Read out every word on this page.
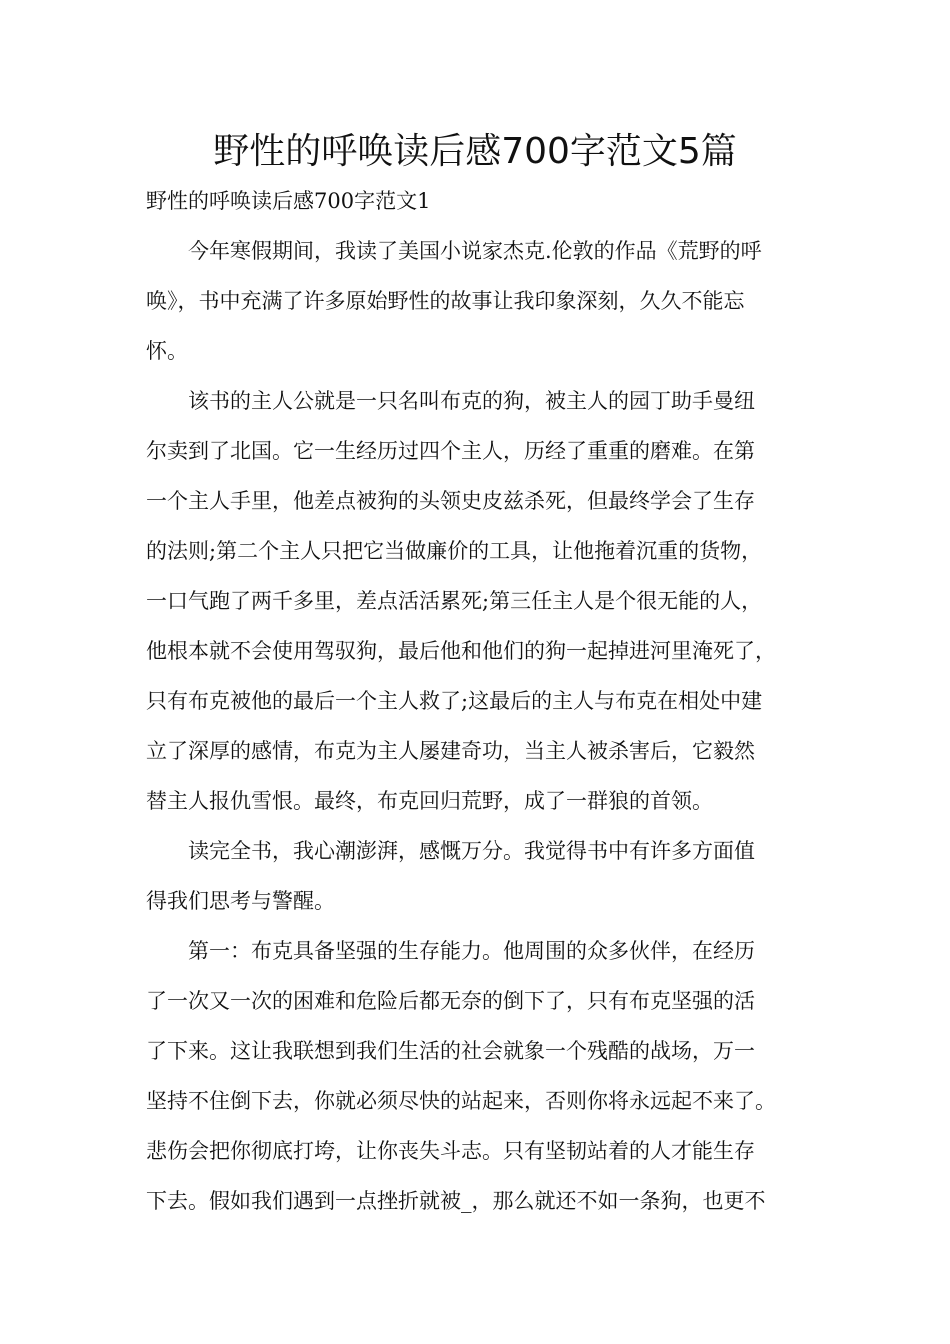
野性的呼唤读后感700字范文5篇

野性的呼唤读后感700字范文1

　　今年寒假期间，我读了美国小说家杰克.伦敦的作品《荒野的呼

唤》，书中充满了许多原始野性的故事让我印象深刻，久久不能忘

怀。

　　该书的主人公就是一只名叫布克的狗，被主人的园丁助手曼纽

尔卖到了北国。它一生经历过四个主人，历经了重重的磨难。在第

一个主人手里，他差点被狗的头领史皮兹杀死，但最终学会了生存

的法则;第二个主人只把它当做廉价的工具，让他拖着沉重的货物，

一口气跑了两千多里，差点活活累死;第三任主人是个很无能的人，

他根本就不会使用驾驭狗，最后他和他们的狗一起掉进河里淹死了，

只有布克被他的最后一个主人救了;这最后的主人与布克在相处中建

立了深厚的感情，布克为主人屡建奇功，当主人被杀害后，它毅然

替主人报仇雪恨。最终，布克回归荒野，成了一群狼的首领。

　　读完全书，我心潮澎湃，感慨万分。我觉得书中有许多方面值

得我们思考与警醒。

　　第一：布克具备坚强的生存能力。他周围的众多伙伴，在经历

了一次又一次的困难和危险后都无奈的倒下了，只有布克坚强的活

了下来。这让我联想到我们生活的社会就象一个残酷的战场，万一

坚持不住倒下去，你就必须尽快的站起来，否则你将永远起不来了。

悲伤会把你彻底打垮，让你丧失斗志。只有坚韧站着的人才能生存

下去。假如我们遇到一点挫折就被_，那么就还不如一条狗，也更不
